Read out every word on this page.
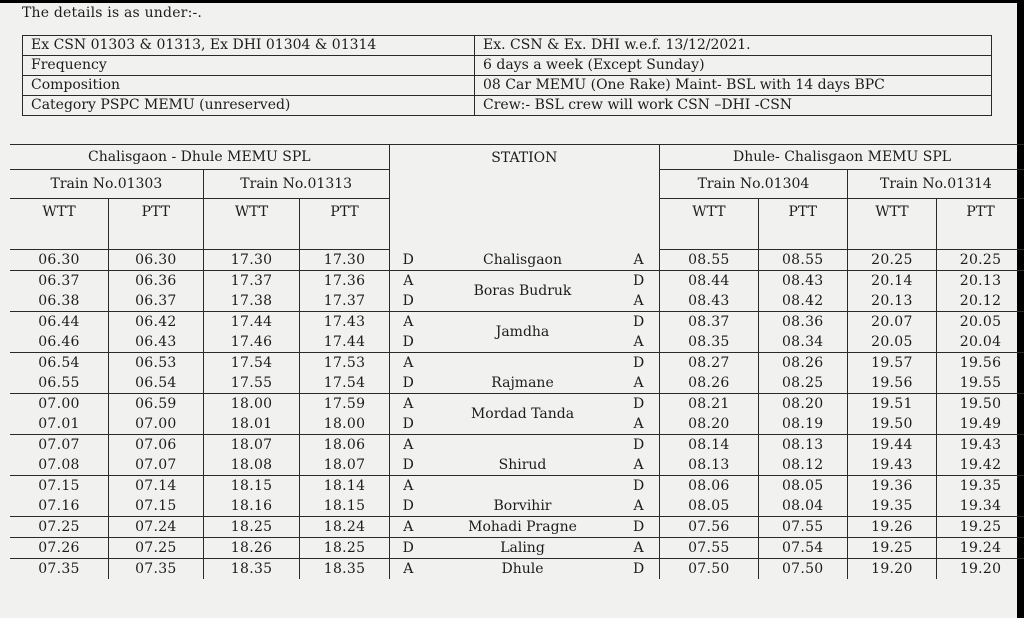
The details is as under:-.
Ex CSN 01303 & 01313, Ex DHI 01304 & 01314	Ex. CSN & Ex. DHI w.e.f. 13/12/2021.
Frequency	6 days a week (Except Sunday)
Composition	08 Car MEMU (One Rake) Maint- BSL with 14 days BPC
Category PSPC MEMU (unreserved)	Crew:- BSL crew will work CSN –DHI -CSN
Chalisgaon - Dhule MEMU SPL				STATION			Dhule- Chalisgaon MEMU SPL			
Train No.01303		Train No.01313					Train No.01304		Train No.01314	
WTT	PTT	WTT	PTT				WTT	PTT	WTT	PTT
06.30	06.30	17.30	17.30	D	Chalisgaon	A	08.55	08.55	20.25	20.25
06.37	06.36	17.37	17.36	A	Boras Budruk	D	08.44	08.43	20.14	20.13
06.38	06.37	17.38	17.37	D		A	08.43	08.42	20.13	20.12
06.44	06.42	17.44	17.43	A	Jamdha	D	08.37	08.36	20.07	20.05
06.46	06.43	17.46	17.44	D		A	08.35	08.34	20.05	20.04
06.54	06.53	17.54	17.53	A		D	08.27	08.26	19.57	19.56
06.55	06.54	17.55	17.54	D	Rajmane	A	08.26	08.25	19.56	19.55
07.00	06.59	18.00	17.59	A	Mordad Tanda	D	08.21	08.20	19.51	19.50
07.01	07.00	18.01	18.00	D		A	08.20	08.19	19.50	19.49
07.07	07.06	18.07	18.06	A		D	08.14	08.13	19.44	19.43
07.08	07.07	18.08	18.07	D	Shirud	A	08.13	08.12	19.43	19.42
07.15	07.14	18.15	18.14	A		D	08.06	08.05	19.36	19.35
07.16	07.15	18.16	18.15	D	Borvihir	A	08.05	08.04	19.35	19.34
07.25	07.24	18.25	18.24	A	Mohadi Pragne	D	07.56	07.55	19.26	19.25
07.26	07.25	18.26	18.25	D	Laling	A	07.55	07.54	19.25	19.24
07.35	07.35	18.35	18.35	A	Dhule	D	07.50	07.50	19.20	19.20
